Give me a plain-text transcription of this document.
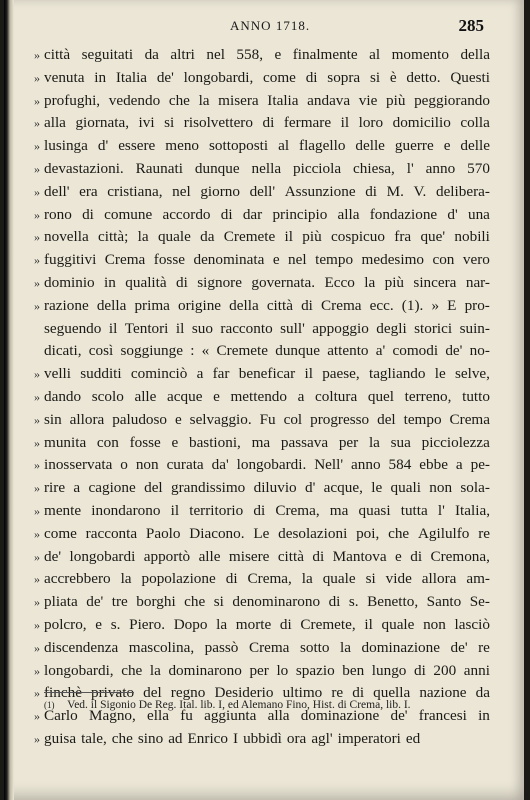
ANNO 1718.	285
» città seguitati da altri nel 558, e finalmente al momento della
» venuta in Italia de' longobardi, come di sopra si è detto. Questi
» profughi, vedendo che la misera Italia andava vie più peggiorando
» alla giornata, ivi si risolvettero di fermare il loro domicilio colla
» lusinga d' essere meno sottoposti al flagello delle guerre e delle
» devastazioni. Raunati dunque nella picciola chiesa, l' anno 570
» dell' era cristiana, nel giorno dell' Assunzione di M. V. delibera-
» rono di comune accordo di dar principio alla fondazione d' una
» novella città; la quale da Cremete il più cospicuo fra que' nobili
» fuggitivi Crema fosse denominata e nel tempo medesimo con vero
» dominio in qualità di signore governata. Ecco la più sincera nar-
» razione della prima origine della città di Crema ecc. (1). » E pro-
seguendo il Tentori il suo racconto sull' appoggio degli storici suin-
dicati, così soggiunge : « Cremete dunque attento a' comodi de' no-
» velli sudditi cominciò a far beneficar il paese, tagliando le selve,
» dando scolo alle acque e mettendo a coltura quel terreno, tutto
» sin allora paludoso e selvaggio. Fu col progresso del tempo Crema
» munita con fosse e bastioni, ma passava per la sua picciolezza
» inosservata o non curata da' longobardi. Nell' anno 584 ebbe a pe-
» rire a cagione del grandissimo diluvio d' acque, le quali non sola-
» mente inondarono il territorio di Crema, ma quasi tutta l' Italia,
» come racconta Paolo Diacono. Le desolazioni poi, che Agilulfo re
» de' longobardi apportò alle misere città di Mantova e di Cremona,
» accrebbero la popolazione di Crema, la quale si vide allora am-
» pliata de' tre borghi che si denominarono di s. Benetto, Santo Se-
» polcro, e s. Piero. Dopo la morte di Cremete, il quale non lasciò
» discendenza mascolina, passò Crema sotto la dominazione de' re
» longobardi, che la dominarono per lo spazio ben lungo di 200 anni
» finchè privato del regno Desiderio ultimo re di quella nazione da
» Carlo Magno, ella fu aggiunta alla dominazione de' francesi in
» guisa tale, che sino ad Enrico I ubbidì ora agl' imperatori ed
(1) Ved. il Sigonio De Reg. Ital. lib. I, ed Alemano Fino, Hist. di Crema, lib. I.
